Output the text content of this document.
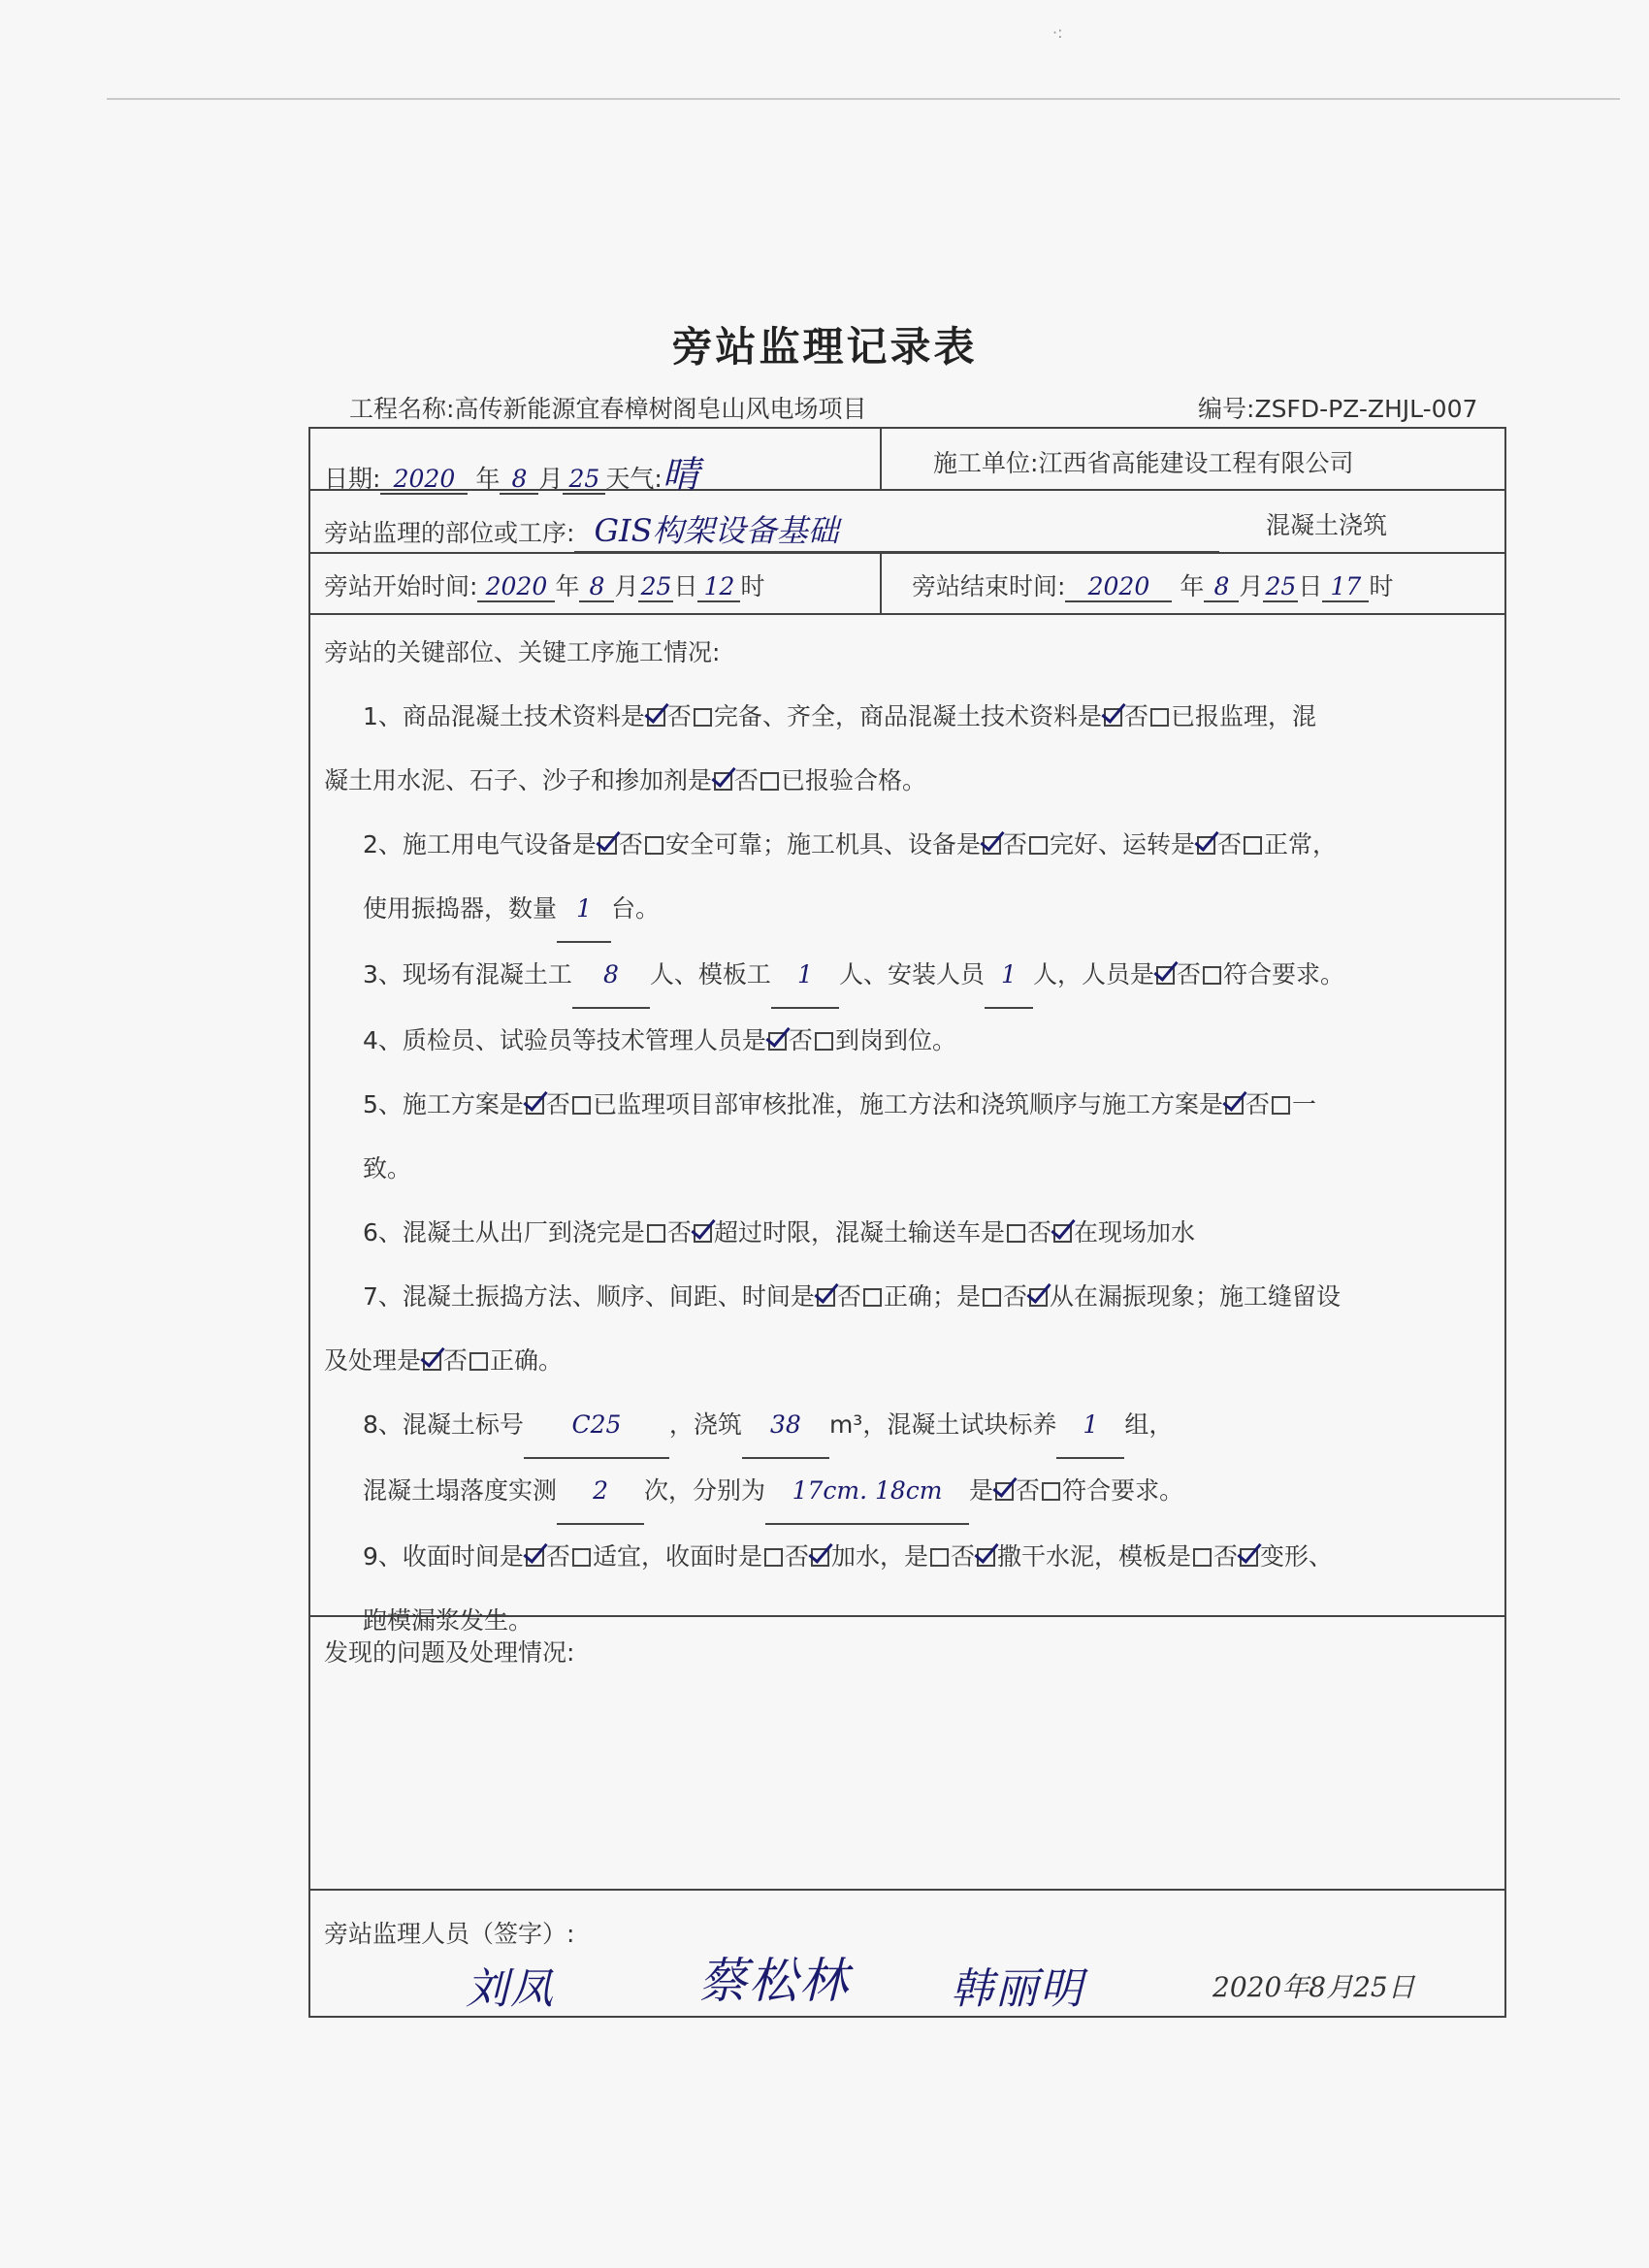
·:
旁站监理记录表
工程名称:高传新能源宜春樟树阁皂山风电场项目	编号:ZSFD-PZ-ZHJL-007
日期: 2020 年 8 月 25 天气:晴	施工单位:江西省高能建设工程有限公司
旁站监理的部位或工序: GIS构架设备基础	混凝土浇筑
旁站开始时间: 2020 年 8 月25日 12 时	旁站结束时间: 2020 年 8 月25日 17 时
旁站的关键部位、关键工序施工情况:
1、商品混凝土技术资料是 否 完备、齐全，商品混凝土技术资料是 否 已报监理，混
凝土用水泥、石子、沙子和掺加剂是 否 已报验合格。
2、施工用电气设备是 否 安全可靠；施工机具、设备是 否 完好、运转是 否 正常，
使用振捣器，数量 1 台。
3、现场有混凝土工 8 人、模板工 1 人、安装人员 1 人，人员是 否 符合要求。
4、质检员、试验员等技术管理人员是 否 到岗到位。
5、施工方案是 否 已监理项目部审核批准，施工方法和浇筑顺序与施工方案是 否 一
致。
6、混凝土从出厂到浇完是 否 超过时限，混凝土输送车是 否 在现场加水
7、混凝土振捣方法、顺序、间距、时间是 否 正确；是 否 从在漏振现象；施工缝留设
及处理是 否 正确。
8、混凝土标号 C25 ，浇筑 38 m³，混凝土试块标养 1 组，
混凝土塌落度实测 2 次，分别为 17cm. 18cm 是 否 符合要求。
9、收面时间是 否 适宜，收面时是 否 加水，是 否 撒干水泥，模板是 否 变形、
跑模漏浆发生。
发现的问题及处理情况:
旁站监理人员（签字）:
刘凤	蔡松林 韩丽明	2020年8月25日
